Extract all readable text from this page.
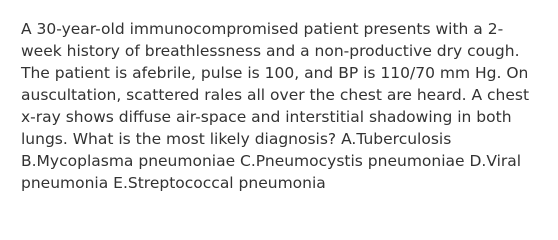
A 30-year-old immunocompromised patient presents with a 2-

week history of breathlessness and a non-productive dry cough.

The patient is afebrile, pulse is 100, and BP is 110/70 mm Hg. On

auscultation, scattered rales all over the chest are heard. A chest

x-ray shows diffuse air-space and interstitial shadowing in both

lungs. What is the most likely diagnosis? A.Tuberculosis

B.Mycoplasma pneumoniae C.Pneumocystis pneumoniae D.Viral

pneumonia E.Streptococcal pneumonia
